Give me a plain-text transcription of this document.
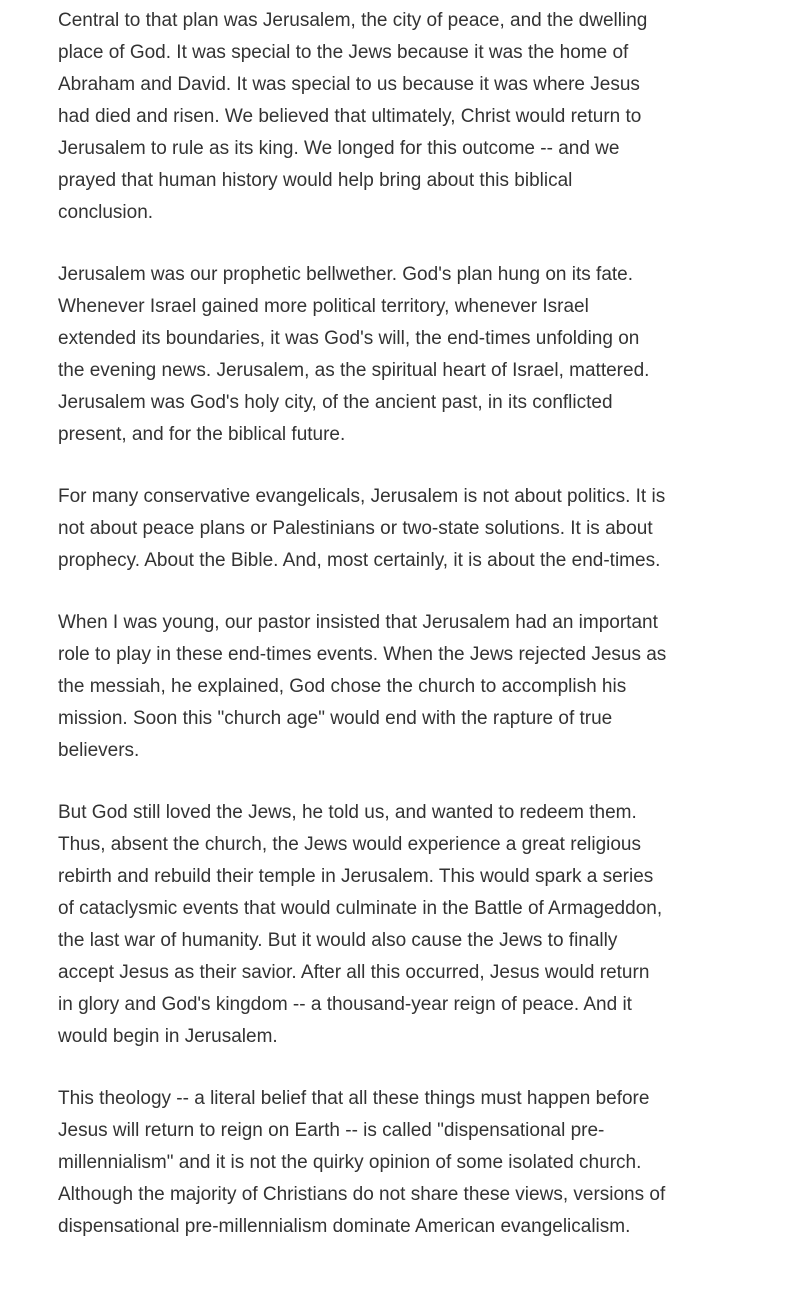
Central to that plan was Jerusalem, the city of peace, and the dwelling place of God. It was special to the Jews because it was the home of Abraham and David. It was special to us because it was where Jesus had died and risen. We believed that ultimately, Christ would return to Jerusalem to rule as its king. We longed for this outcome -- and we prayed that human history would help bring about this biblical conclusion.

Jerusalem was our prophetic bellwether. God's plan hung on its fate. Whenever Israel gained more political territory, whenever Israel extended its boundaries, it was God's will, the end-times unfolding on the evening news. Jerusalem, as the spiritual heart of Israel, mattered. Jerusalem was God's holy city, of the ancient past, in its conflicted present, and for the biblical future.

For many conservative evangelicals, Jerusalem is not about politics. It is not about peace plans or Palestinians or two-state solutions. It is about prophecy. About the Bible. And, most certainly, it is about the end-times.

When I was young, our pastor insisted that Jerusalem had an important role to play in these end-times events. When the Jews rejected Jesus as the messiah, he explained, God chose the church to accomplish his mission. Soon this "church age" would end with the rapture of true believers.

But God still loved the Jews, he told us, and wanted to redeem them. Thus, absent the church, the Jews would experience a great religious rebirth and rebuild their temple in Jerusalem. This would spark a series of cataclysmic events that would culminate in the Battle of Armageddon, the last war of humanity. But it would also cause the Jews to finally accept Jesus as their savior. After all this occurred, Jesus would return in glory and God's kingdom -- a thousand-year reign of peace. And it would begin in Jerusalem.

This theology -- a literal belief that all these things must happen before Jesus will return to reign on Earth -- is called "dispensational pre-millennialism" and it is not the quirky opinion of some isolated church. Although the majority of Christians do not share these views, versions of dispensational pre-millennialism dominate American evangelicalism.
